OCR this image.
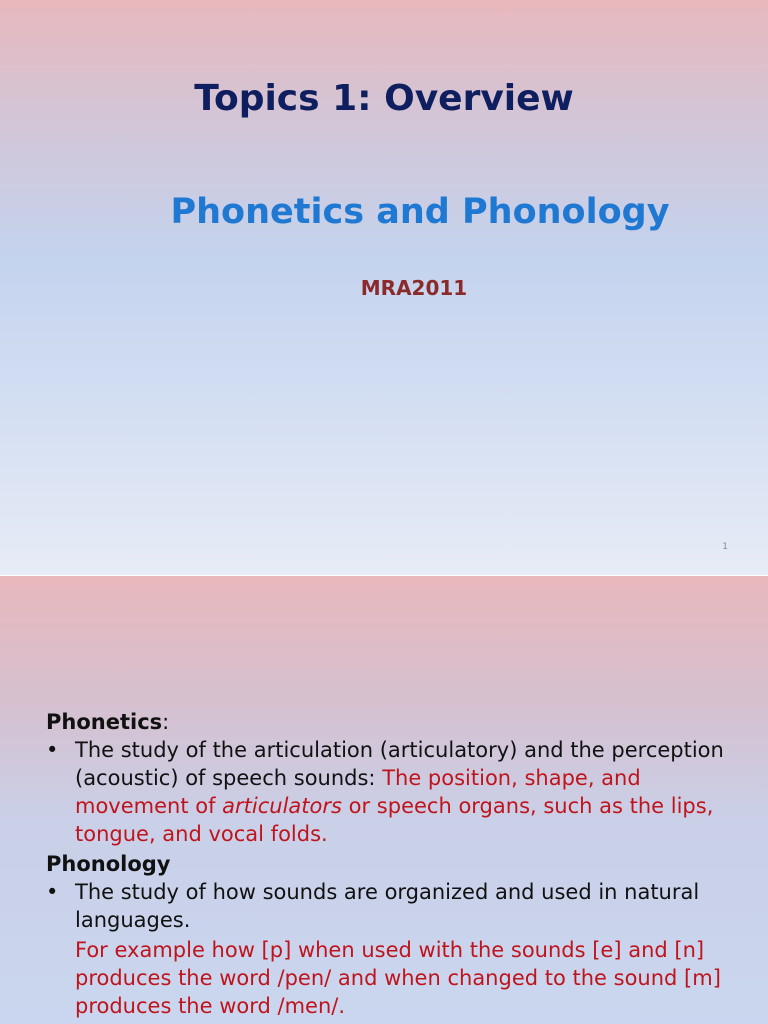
Topics 1: Overview
Phonetics and Phonology
MRA2011
1

Phonetics:

• The study of the articulation (articulatory) and the perception (acoustic) of speech sounds: The position, shape, and movement of articulators or speech organs, such as the lips, tongue, and vocal folds.

Phonology

• The study of how sounds are organized and used in natural languages.

For example how [p] when used with the sounds [e] and [n] produces the word /pen/ and when changed to the sound [m] produces the word /men/.
